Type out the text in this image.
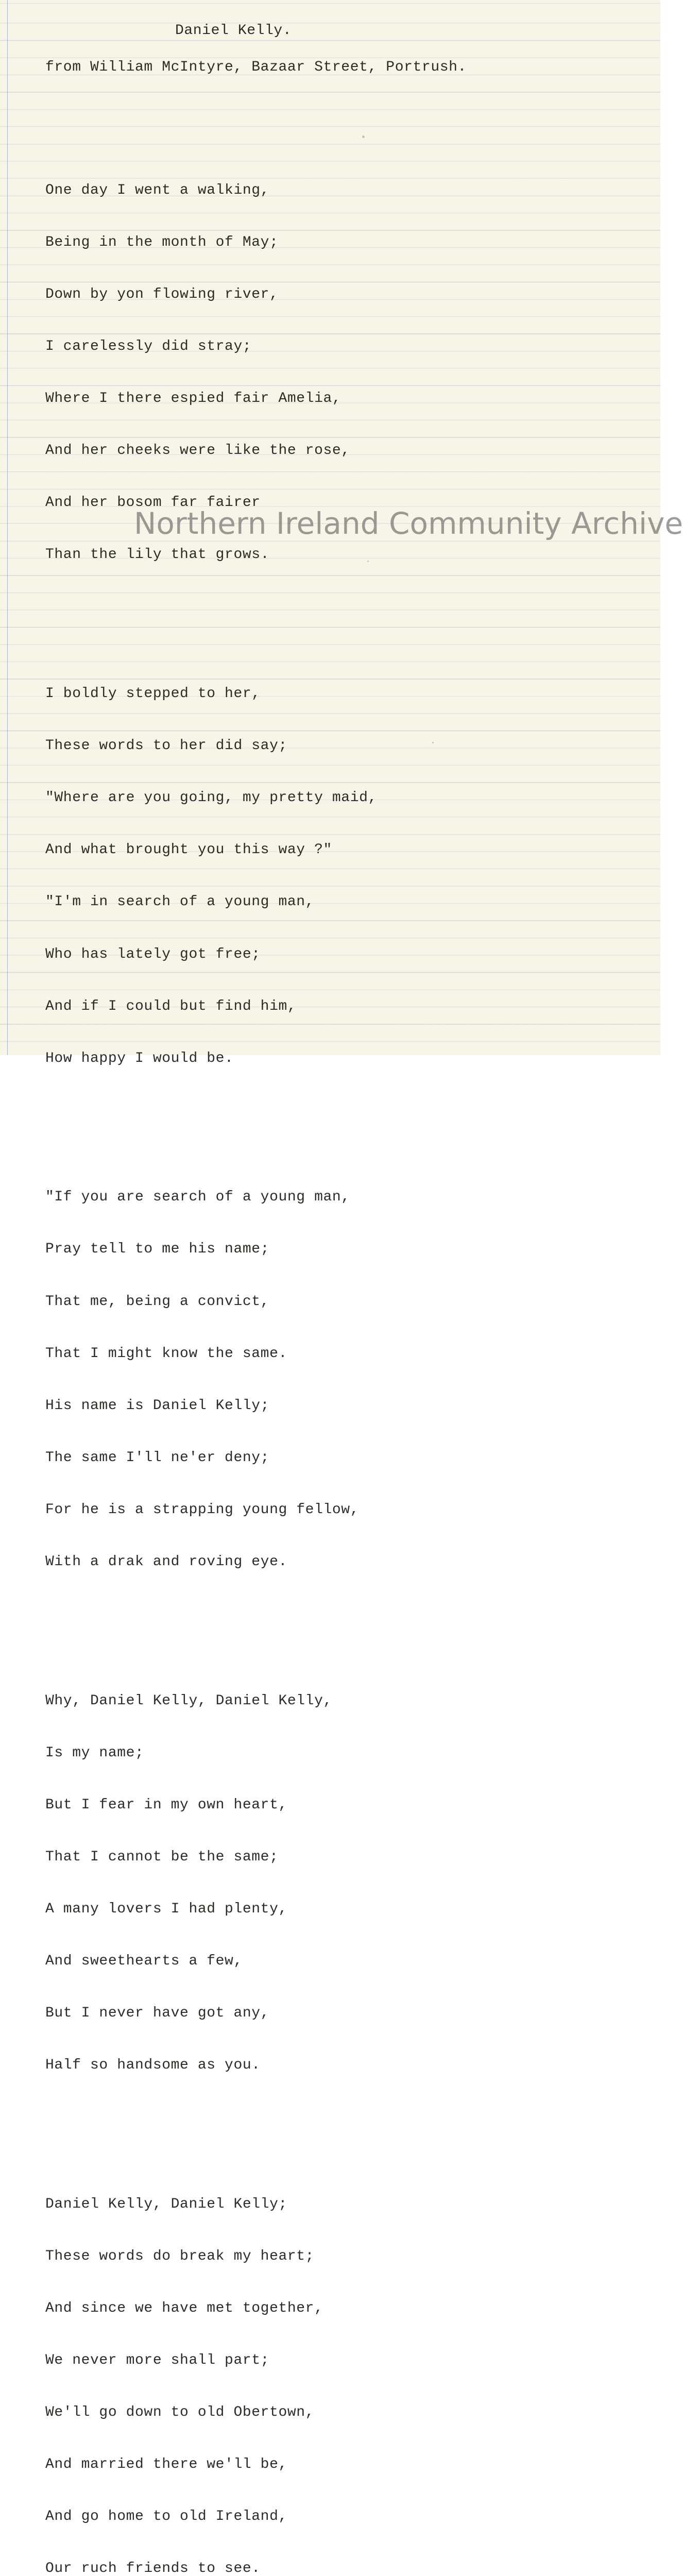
Daniel Kelly.
from William McIntyre, Bazaar Street, Portrush.

One day I went a walking,

Being in the month of May;

Down by yon flowing river,

I carelessly did stray;

Where I there espied fair Amelia,

And her cheeks were like the rose,

And her bosom far fairer

Than the lily that grows.

I boldly stepped to her,

These words to her did say;

"Where are you going, my pretty maid,

And what brought you this way ?"

"I'm in search of a young man,

Who has lately got free;

And if I could but find him,

How happy I would be.

"If you are search of a young man,

Pray tell to me his name;

That me, being a convict,

That I might know the same.

His name is Daniel Kelly;

The same I'll ne'er deny;

For he is a strapping young fellow,

With a drak and roving eye.

Why, Daniel Kelly, Daniel Kelly,

Is my name;

But I fear in my own heart,

That I cannot be the same;

A many lovers I had plenty,

And sweethearts a few,

But I never have got any,

Half so handsome as you.

Daniel Kelly, Daniel Kelly;

These words do break my heart;

And since we have met together,

We never more shall part;

We'll go down to old Obertown,

And married there we'll be,

And go home to old Ireland,

Our ruch friends to see.

Northern Ireland Community Archive
